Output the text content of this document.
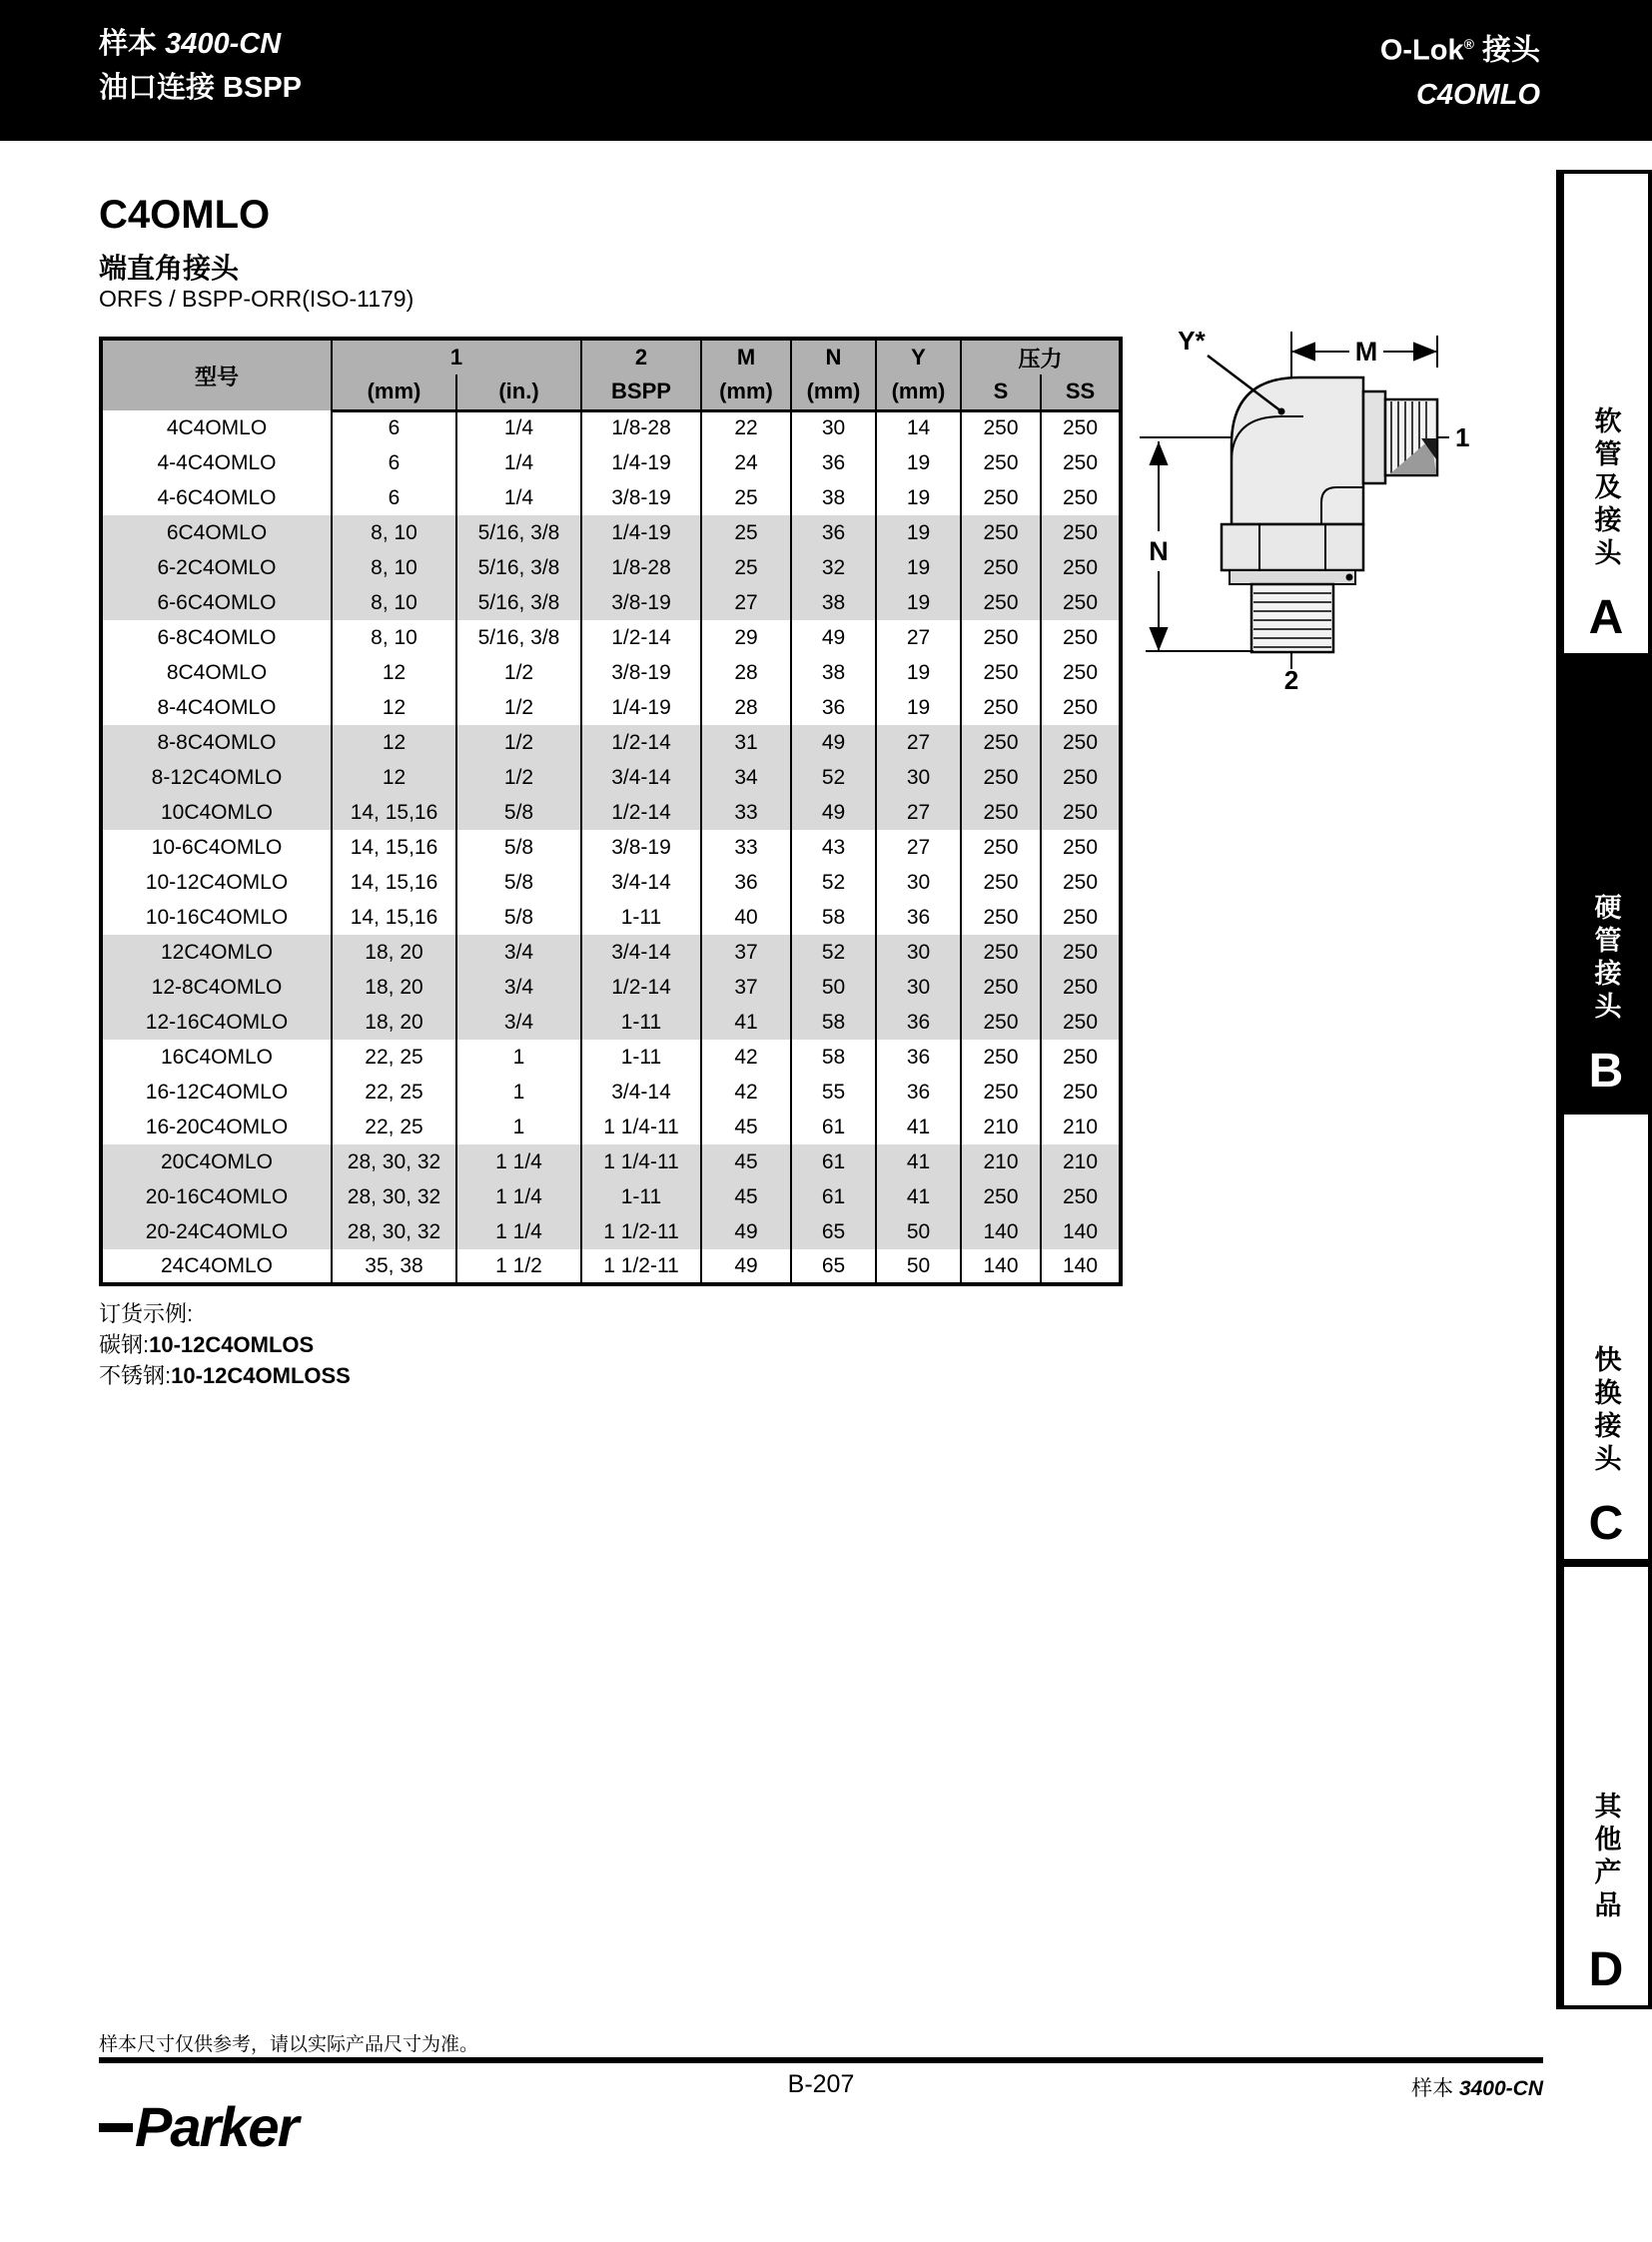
样本 3400-CN
油口连接 BSPP
O-Lok® 接头
C4OMLO
C4OMLO
端直角接头
ORFS / BSPP-ORR(ISO-1179)
型号	1		2	M	N	Y	压力	
	(mm)	(in.)	BSPP	(mm)	(mm)	(mm)	S	SS
4C4OMLO	6	1/4	1/8-28	22	30	14	250	250
4-4C4OMLO	6	1/4	1/4-19	24	36	19	250	250
4-6C4OMLO	6	1/4	3/8-19	25	38	19	250	250
6C4OMLO	8, 10	5/16, 3/8	1/4-19	25	36	19	250	250
6-2C4OMLO	8, 10	5/16, 3/8	1/8-28	25	32	19	250	250
6-6C4OMLO	8, 10	5/16, 3/8	3/8-19	27	38	19	250	250
6-8C4OMLO	8, 10	5/16, 3/8	1/2-14	29	49	27	250	250
8C4OMLO	12	1/2	3/8-19	28	38	19	250	250
8-4C4OMLO	12	1/2	1/4-19	28	36	19	250	250
8-8C4OMLO	12	1/2	1/2-14	31	49	27	250	250
8-12C4OMLO	12	1/2	3/4-14	34	52	30	250	250
10C4OMLO	14, 15,16	5/8	1/2-14	33	49	27	250	250
10-6C4OMLO	14, 15,16	5/8	3/8-19	33	43	27	250	250
10-12C4OMLO	14, 15,16	5/8	3/4-14	36	52	30	250	250
10-16C4OMLO	14, 15,16	5/8	1-11	40	58	36	250	250
12C4OMLO	18, 20	3/4	3/4-14	37	52	30	250	250
12-8C4OMLO	18, 20	3/4	1/2-14	37	50	30	250	250
12-16C4OMLO	18, 20	3/4	1-11	41	58	36	250	250
16C4OMLO	22, 25	1	1-11	42	58	36	250	250
16-12C4OMLO	22, 25	1	3/4-14	42	55	36	250	250
16-20C4OMLO	22, 25	1	1 1/4-11	45	61	41	210	210
20C4OMLO	28, 30, 32	1 1/4	1 1/4-11	45	61	41	210	210
20-16C4OMLO	28, 30, 32	1 1/4	1-11	45	61	41	250	250
20-24C4OMLO	28, 30, 32	1 1/4	1 1/2-11	49	65	50	140	140
24C4OMLO	35, 38	1 1/2	1 1/2-11	49	65	50	140	140
订货示例:
碳钢:10-12C4OMLOS
不锈钢:10-12C4OMLOSS
M
N
Y*
1
2
软管及接头
A
硬管接头
B
快换接头
C
其他产品
D
样本尺寸仅供参考，请以实际产品尺寸为准。
B-207	样本 3400-CN
Parker
